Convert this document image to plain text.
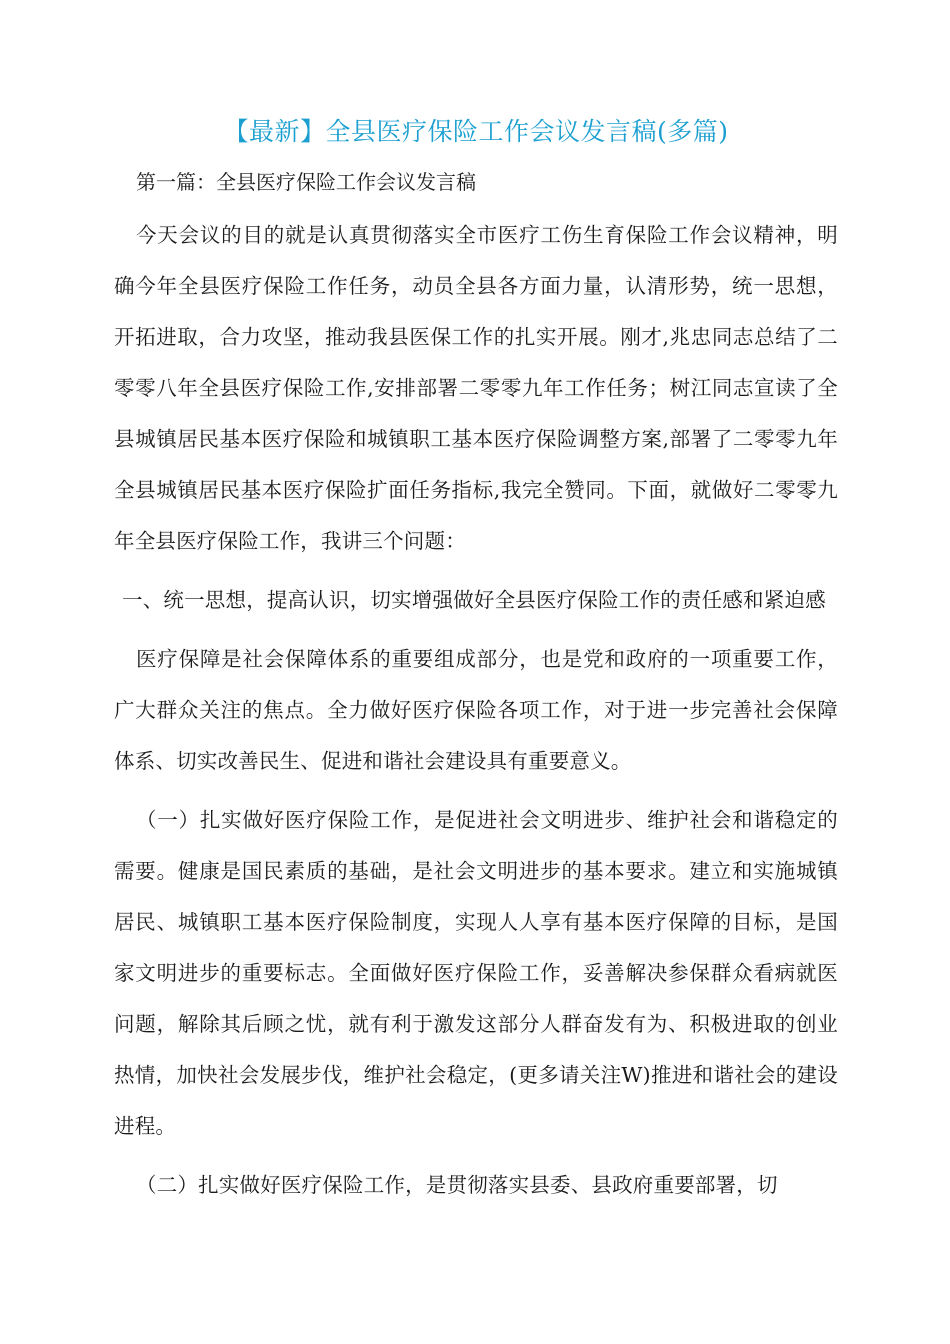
【最新】全县医疗保险工作会议发言稿(多篇)

第一篇：全县医疗保险工作会议发言稿

今天会议的目的就是认真贯彻落实全市医疗工伤生育保险工作会议精神，明确今年全县医疗保险工作任务，动员全县各方面力量，认清形势，统一思想，开拓进取，合力攻坚，推动我县医保工作的扎实开展。刚才,兆忠同志总结了二零零八年全县医疗保险工作,安排部署二零零九年工作任务；树江同志宣读了全县城镇居民基本医疗保险和城镇职工基本医疗保险调整方案,部署了二零零九年全县城镇居民基本医疗保险扩面任务指标,我完全赞同。下面，就做好二零零九年全县医疗保险工作，我讲三个问题：

一、统一思想，提高认识，切实增强做好全县医疗保险工作的责任感和紧迫感

医疗保障是社会保障体系的重要组成部分，也是党和政府的一项重要工作，广大群众关注的焦点。全力做好医疗保险各项工作，对于进一步完善社会保障体系、切实改善民生、促进和谐社会建设具有重要意义。

（一）扎实做好医疗保险工作，是促进社会文明进步、维护社会和谐稳定的需要。健康是国民素质的基础，是社会文明进步的基本要求。建立和实施城镇居民、城镇职工基本医疗保险制度，实现人人享有基本医疗保障的目标，是国家文明进步的重要标志。全面做好医疗保险工作，妥善解决参保群众看病就医问题，解除其后顾之忧，就有利于激发这部分人群奋发有为、积极进取的创业热情，加快社会发展步伐，维护社会稳定，(更多请关注W)推进和谐社会的建设进程。

（二）扎实做好医疗保险工作，是贯彻落实县委、县政府重要部署，切
